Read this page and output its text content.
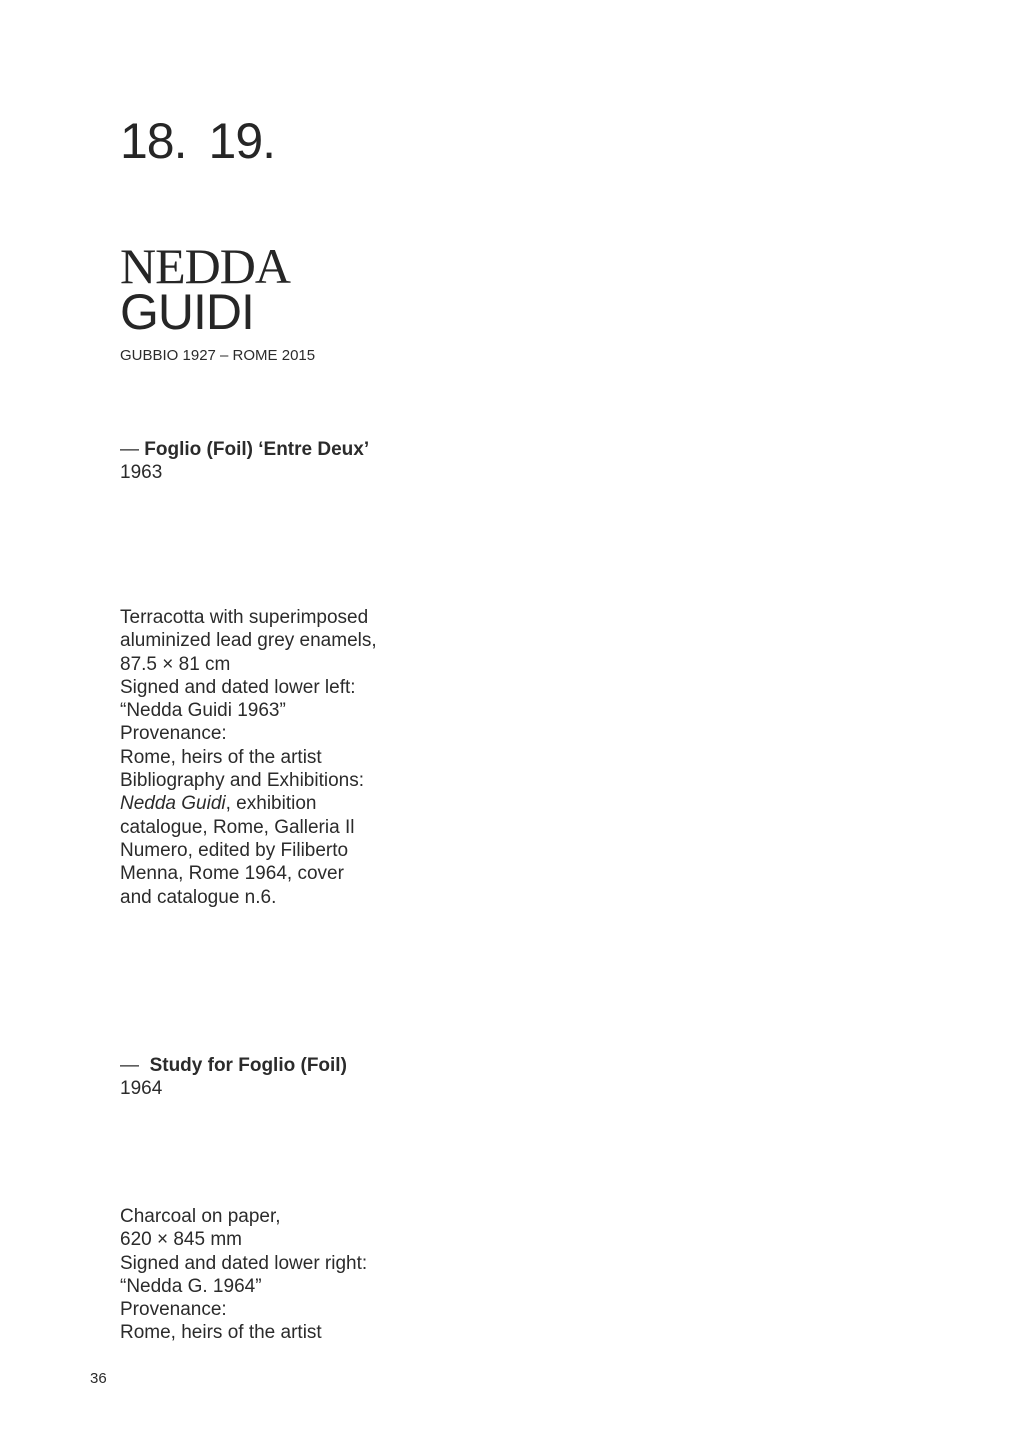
18. 19.
NEDDA
GUIDI
GUBBIO 1927 – ROME 2015
— Foglio (Foil) ‘Entre Deux’
1963
Terracotta with superimposed
aluminized lead grey enamels,
87.5 × 81 cm
Signed and dated lower left:
“Nedda Guidi 1963”
Provenance:
Rome, heirs of the artist
Bibliography and Exhibitions:
Nedda Guidi, exhibition
catalogue, Rome, Galleria Il
Numero, edited by Filiberto
Menna, Rome 1964, cover
and catalogue n.6.
— Study for Foglio (Foil)
1964
Charcoal on paper,
620 × 845 mm
Signed and dated lower right:
“Nedda G. 1964”
Provenance:
Rome, heirs of the artist
36
